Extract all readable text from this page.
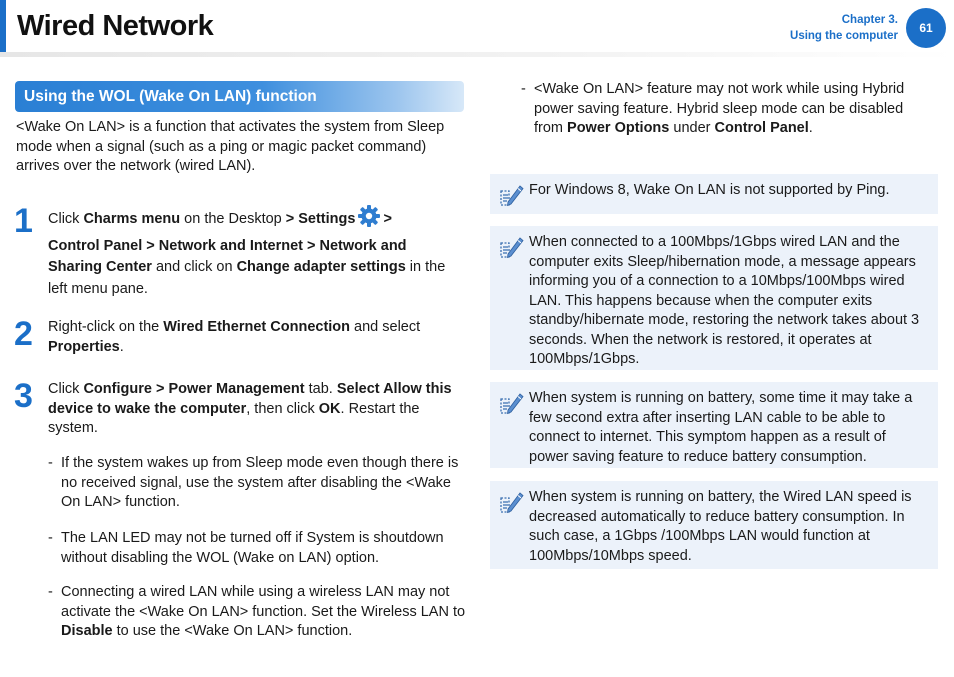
Wired Network	Chapter 3.
Using the computer
61
Using the WOL (Wake On LAN) function
<Wake On LAN> is a function that activates the system from Sleep mode when a signal (such as a ping or magic packet command) arrives over the network (wired LAN).
1 Click Charms menu on the Desktop > Settings >
Control Panel > Network and Internet > Network and Sharing Center and click on Change adapter settings in the left menu pane.
2 Right-click on the Wired Ethernet Connection and select Properties.
3 Click Configure > Power Management tab. Select Allow this device to wake the computer, then click OK. Restart the system.
- If the system wakes up from Sleep mode even though there is no received signal, use the system after disabling the <Wake On LAN> function.
- The LAN LED may not be turned off if System is shoutdown without disabling the WOL (Wake on LAN) option.
- Connecting a wired LAN while using a wireless LAN may not activate the <Wake On LAN> function. Set the Wireless LAN to Disable to use the <Wake On LAN> function.
- <Wake On LAN> feature may not work while using Hybrid power saving feature. Hybrid sleep mode can be disabled from Power Options under Control Panel.
For Windows 8, Wake On LAN is not supported by Ping.
When connected to a 100Mbps/1Gbps wired LAN and the computer exits Sleep/hibernation mode, a message appears informing you of a connection to a 10Mbps/100Mbps wired LAN. This happens because when the computer exits standby/hibernate mode, restoring the network takes about 3 seconds. When the network is restored, it operates at 100Mbps/1Gbps.
When system is running on battery, some time it may take a few second extra after inserting LAN cable to be able to connect to internet. This symptom happen as a result of power saving feature to reduce battery consumption.
When system is running on battery, the Wired LAN speed is decreased automatically to reduce battery consumption. In such case, a 1Gbps /100Mbps LAN would function at 100Mbps/10Mbps speed.
